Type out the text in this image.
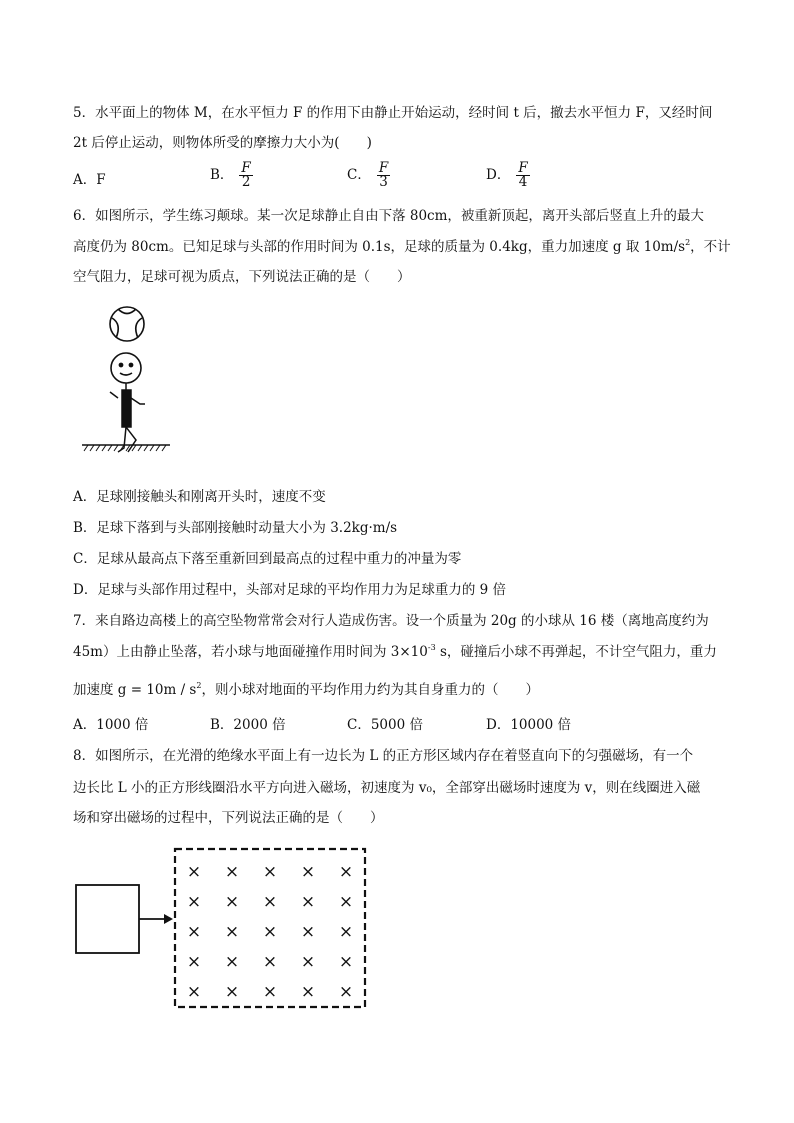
5．水平面上的物体 M，在水平恒力 F 的作用下由静止开始运动，经时间 t 后，撤去水平恒力 F，又经时间
2t 后停止运动，则物体所受的摩擦力大小为(　　)
A．F	B． $\frac{F}{2}$	C． $\frac{F}{3}$	D． $\frac{F}{4}$
6．如图所示，学生练习颠球。某一次足球静止自由下落 80cm，被重新顶起，离开头部后竖直上升的最大
高度仍为 80cm。已知足球与头部的作用时间为 0.1s，足球的质量为 0.4kg，重力加速度 g 取 $10m/s^2$，不计
空气阻力，足球可视为质点，下列说法正确的是（　　）
A．足球刚接触头和刚离开头时，速度不变
B．足球下落到与头部刚接触时动量大小为 3.2kg·m/s
C．足球从最高点下落至重新回到最高点的过程中重力的冲量为零
D．足球与头部作用过程中，头部对足球的平均作用力为足球重力的 9 倍
7．来自路边高楼上的高空坠物常常会对行人造成伤害。设一个质量为 20g 的小球从 16 楼（离地高度约为
45m）上由静止坠落，若小球与地面碰撞作用时间为 $3\times 10^{-3}$ s，碰撞后小球不再弹起，不计空气阻力，重力
加速度 $g = 10m / s^2$，则小球对地面的平均作用力约为其自身重力的（　　）
A．1000 倍	B．2000 倍	C．5000 倍	D．10000 倍
8．如图所示，在光滑的绝缘水平面上有一边长为 L 的正方形区域内存在着竖直向下的匀强磁场，有一个
边长比 L 小的正方形线圈沿水平方向进入磁场，初速度为 v₀，全部穿出磁场时速度为 v，则在线圈进入磁
场和穿出磁场的过程中，下列说法正确的是（　　）
× × × × ×
× × × × ×
× × × × ×
× × × × ×
× × × × ×
